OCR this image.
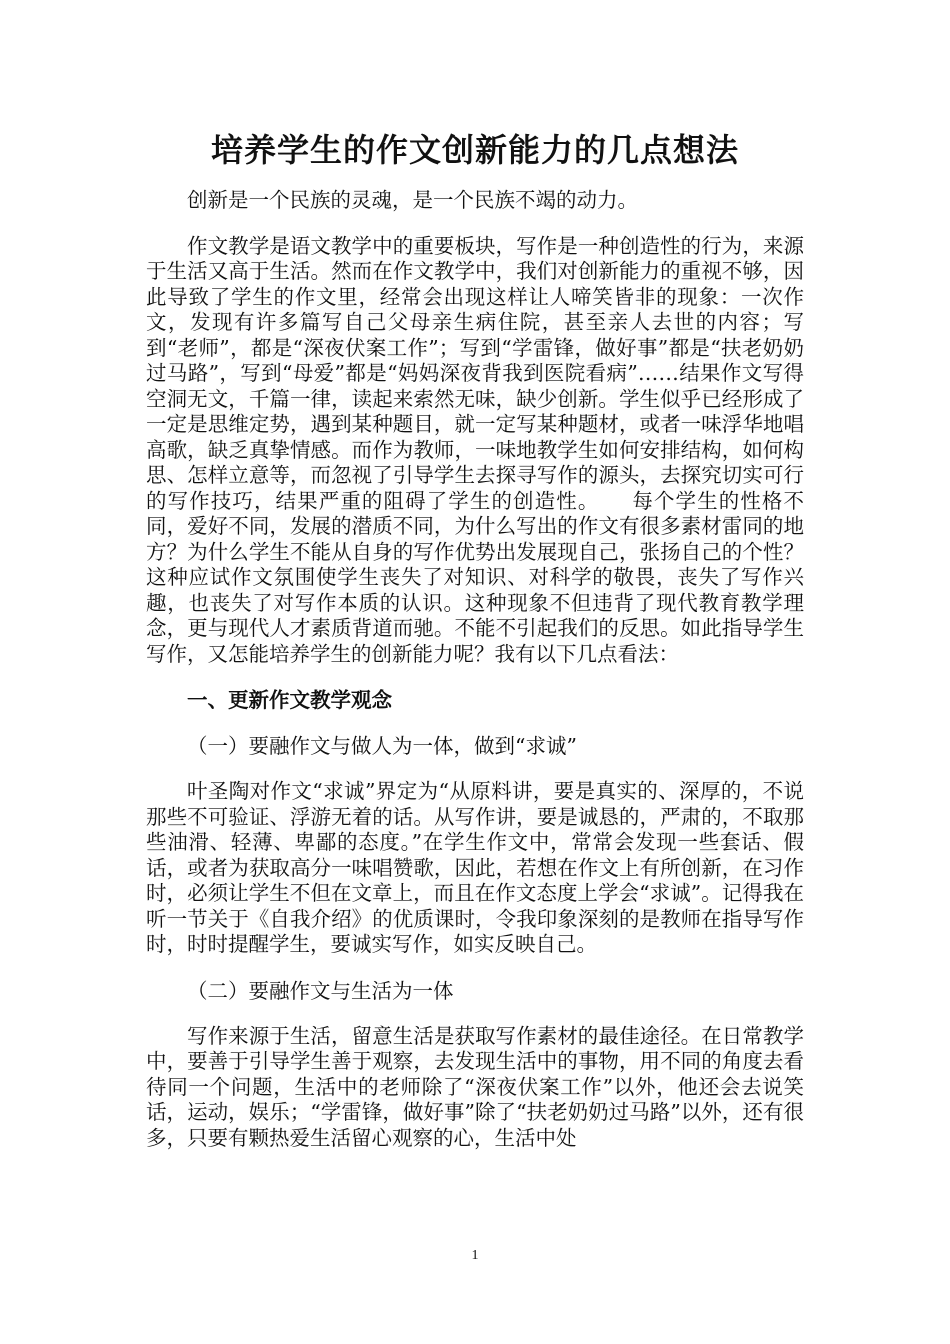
培养学生的作文创新能力的几点想法

创新是一个民族的灵魂，是一个民族不竭的动力。

作文教学是语文教学中的重要板块，写作是一种创造性的行为，来源于生活又高于生活。然而在作文教学中，我们对创新能力的重视不够，因此导致了学生的作文里，经常会出现这样让人啼笑皆非的现象：一次作文，发现有许多篇写自己父母亲生病住院，甚至亲人去世的内容；写到“老师”，都是“深夜伏案工作”；写到“学雷锋，做好事”都是“扶老奶奶过马路”，写到“母爱”都是“妈妈深夜背我到医院看病”……结果作文写得空洞无文，千篇一律，读起来索然无味，缺少创新。学生似乎已经形成了一定是思维定势，遇到某种题目，就一定写某种题材，或者一味浮华地唱高歌，缺乏真挚情感。而作为教师，一味地教学生如何安排结构，如何构思、怎样立意等，而忽视了引导学生去探寻写作的源头，去探究切实可行的写作技巧，结果严重的阻碍了学生的创造性。　　每个学生的性格不同，爱好不同，发展的潜质不同，为什么写出的作文有很多素材雷同的地方？为什么学生不能从自身的写作优势出发展现自己，张扬自己的个性？这种应试作文氛围使学生丧失了对知识、对科学的敬畏，丧失了写作兴趣，也丧失了对写作本质的认识。这种现象不但违背了现代教育教学理念，更与现代人才素质背道而驰。不能不引起我们的反思。如此指导学生写作，又怎能培养学生的创新能力呢？我有以下几点看法：

一、更新作文教学观念

（一）要融作文与做人为一体，做到“求诚”

叶圣陶对作文“求诚”界定为“从原料讲，要是真实的、深厚的，不说那些不可验证、浮游无着的话。从写作讲，要是诚恳的，严肃的，不取那些油滑、轻薄、卑鄙的态度。”在学生作文中，常常会发现一些套话、假话，或者为获取高分一味唱赞歌，因此，若想在作文上有所创新，在习作时，必须让学生不但在文章上，而且在作文态度上学会“求诚”。记得我在听一节关于《自我介绍》的优质课时，令我印象深刻的是教师在指导写作时，时时提醒学生，要诚实写作，如实反映自己。

（二）要融作文与生活为一体

写作来源于生活，留意生活是获取写作素材的最佳途径。在日常教学中，要善于引导学生善于观察，去发现生活中的事物，用不同的角度去看待同一个问题，生活中的老师除了“深夜伏案工作”以外，他还会去说笑话，运动，娱乐；“学雷锋，做好事”除了“扶老奶奶过马路”以外，还有很多，只要有颗热爱生活留心观察的心，生活中处

1
